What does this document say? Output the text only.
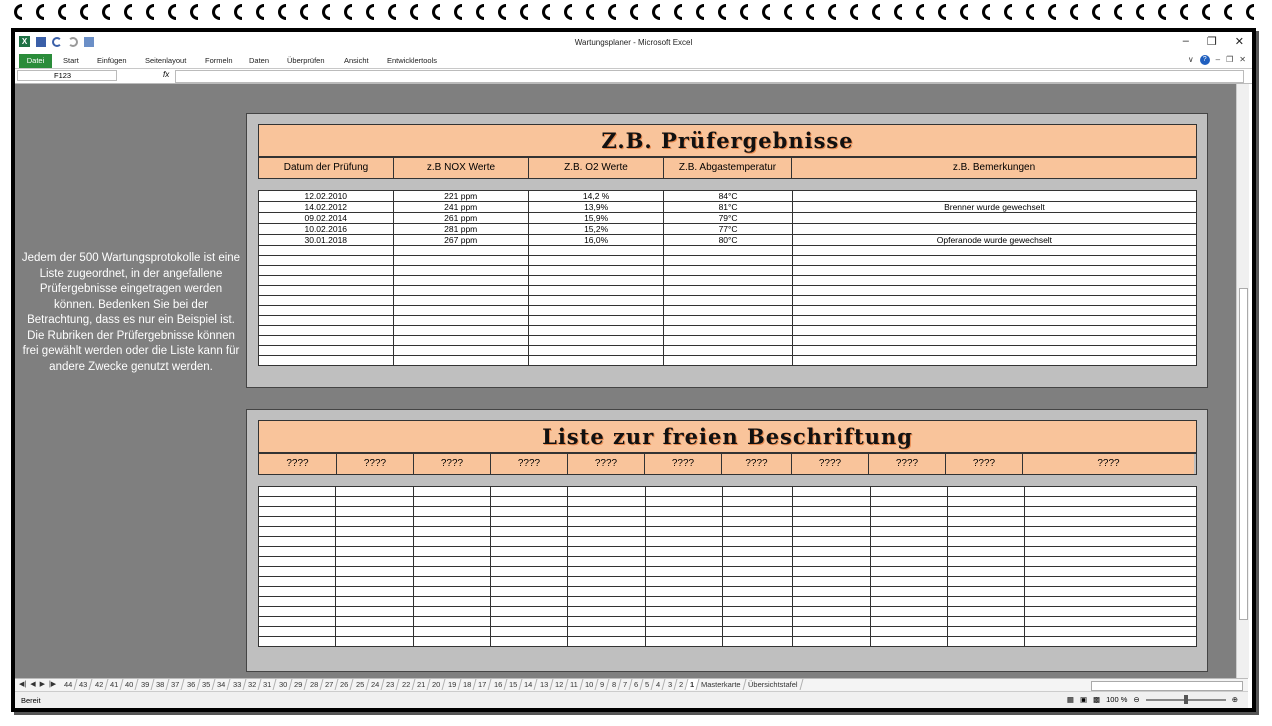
X	Wartungsplaner - Microsoft Excel	– ❐ ✕
Datei	Start Einfügen Seitenlayout Formeln Daten Überprüfen	Ansicht Entwicklertools	∨	?	– ❐ ✕
F123	fx
Jedem der 500 Wartungsprotokolle ist eine Liste zugeordnet, in der angefallene Prüfergebnisse eingetragen werden können. Bedenken Sie bei der Betrachtung, dass es nur ein Beispiel ist. Die Rubriken der Prüfergebnisse können frei gewählt werden oder die Liste kann für andere Zwecke genutzt werden.
Z.B. Prüfergebnisse
Datum der Prüfung	z.B NOX Werte	Z.B. O2 Werte	Z.B. Abgastemperatur	z.B. Bemerkungen
12.02.2010	221 ppm	14,2 %	84°C	
14.02.2012	241 ppm	13,9%	81°C	Brenner wurde gewechselt
09.02.2014	261 ppm	15,9%	79°C	
10.02.2016	281 ppm	15,2%	77°C	
30.01.2018	267 ppm	16,0%	80°C	Opferanode wurde gewechselt

Liste zur freien Beschriftung
????	????	????	????	????	????	????	????	????	????	????

◀| ◀ ▶ |▶	44 43 42 41 40 39 38 37 36 35 34 33 32 31 30 29 28 27 26 25 24 23 22 21 20 19 18 17 16 15 14 13 12 11 10 9 8 7 6 5 4 3 2 1 Masterkarte Übersichtstafel
Bereit	▦ ▣ ▩ 100 % ⊖	⊕
